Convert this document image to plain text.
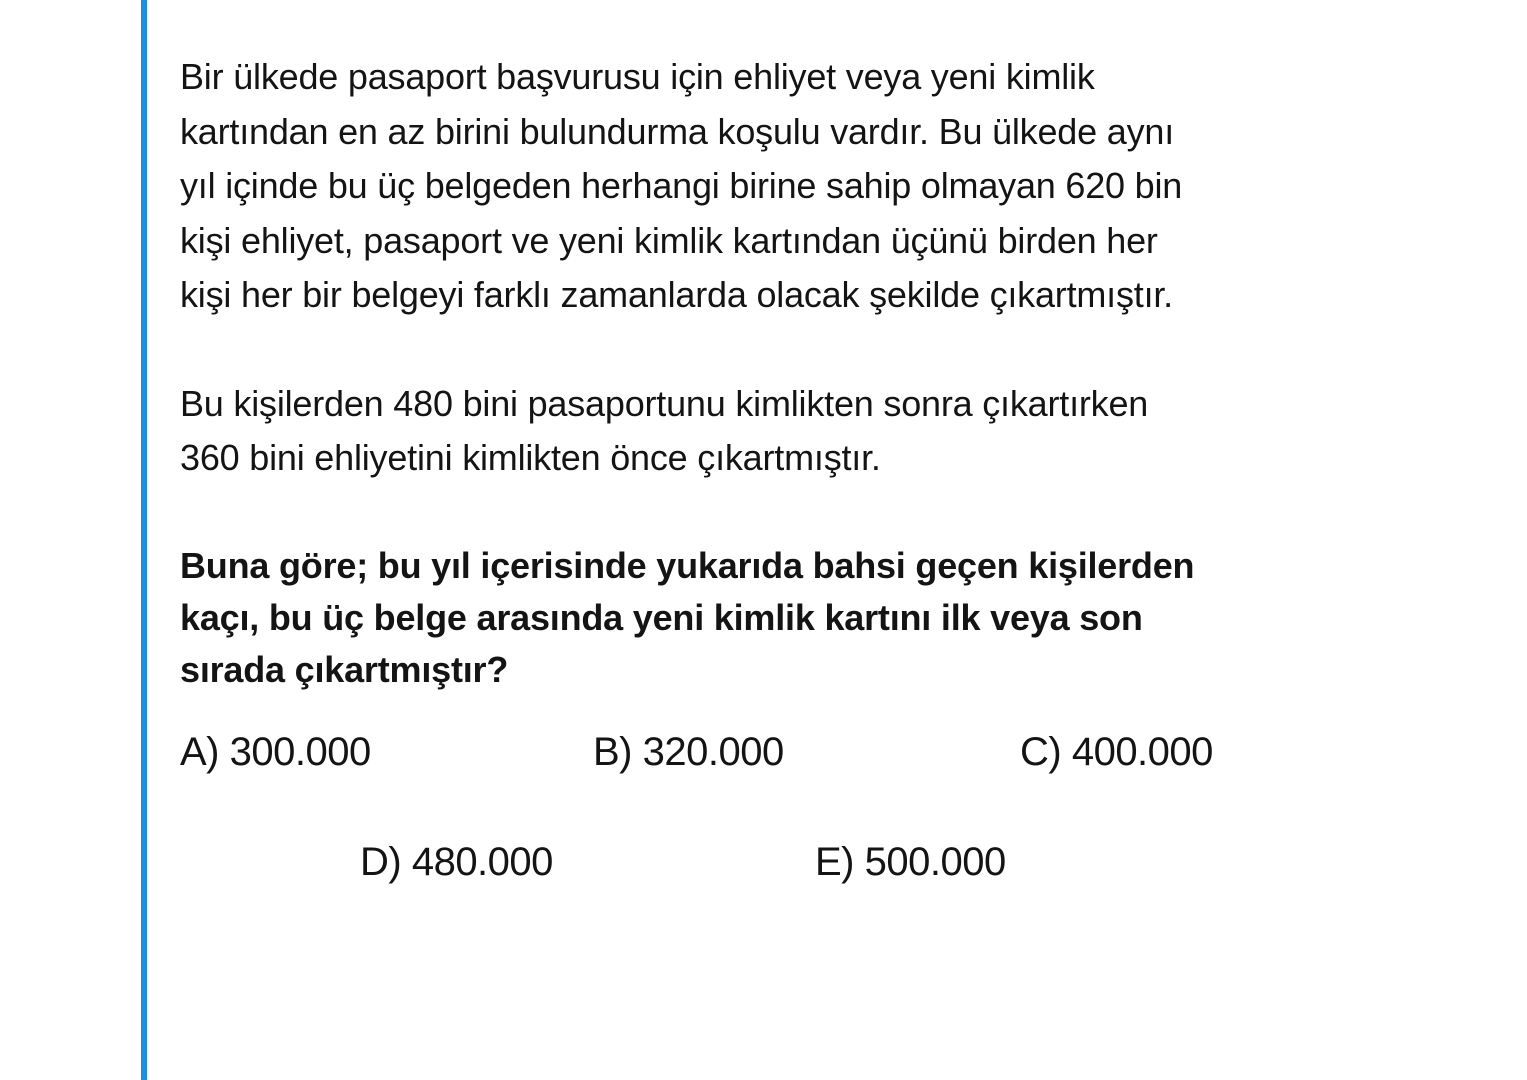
Bir ülkede pasaport başvurusu için ehliyet veya yeni kimlik
kartından en az birini bulundurma koşulu vardır. Bu ülkede aynı
yıl içinde bu üç belgeden herhangi birine sahip olmayan 620 bin
kişi ehliyet, pasaport ve yeni kimlik kartından üçünü birden her
kişi her bir belgeyi farklı zamanlarda olacak şekilde çıkartmıştır.

Bu kişilerden 480 bini pasaportunu kimlikten sonra çıkartırken
360 bini ehliyetini kimlikten önce çıkartmıştır.

Buna göre; bu yıl içerisinde yukarıda bahsi geçen kişilerden
kaçı, bu üç belge arasında yeni kimlik kartını ilk veya son
sırada çıkartmıştır?
A) 300.000	B) 320.000	C) 400.000
D) 480.000	E) 500.000
